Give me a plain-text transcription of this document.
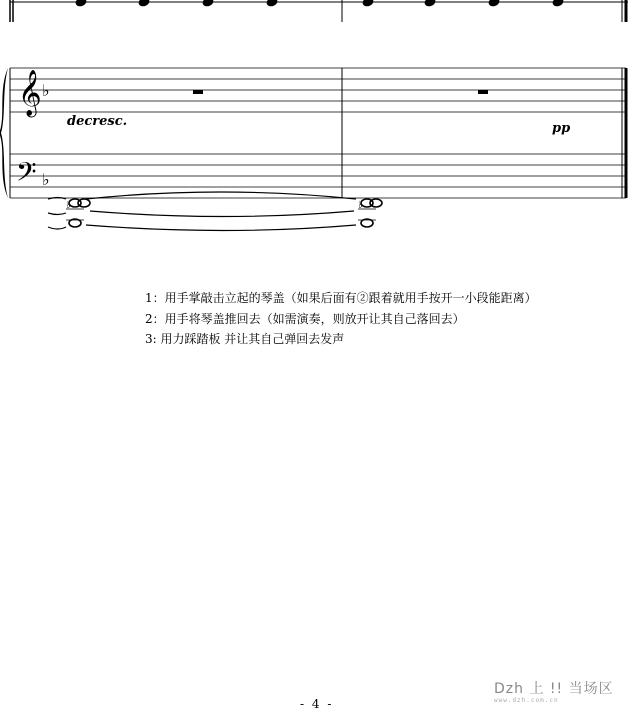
𝄞 ♭
𝄢 ♭
♭	♭
decresc.	pp
1：用手掌敲击立起的琴盖（如果后面有②跟着就用手按开一小段能距离）
2：用手将琴盖推回去（如需演奏，则放开让其自己落回去）
3: 用力踩踏板 并让其自己弹回去发声
- 4 -
Dzh 上 !! 当场区
www.dzh.com.cn
